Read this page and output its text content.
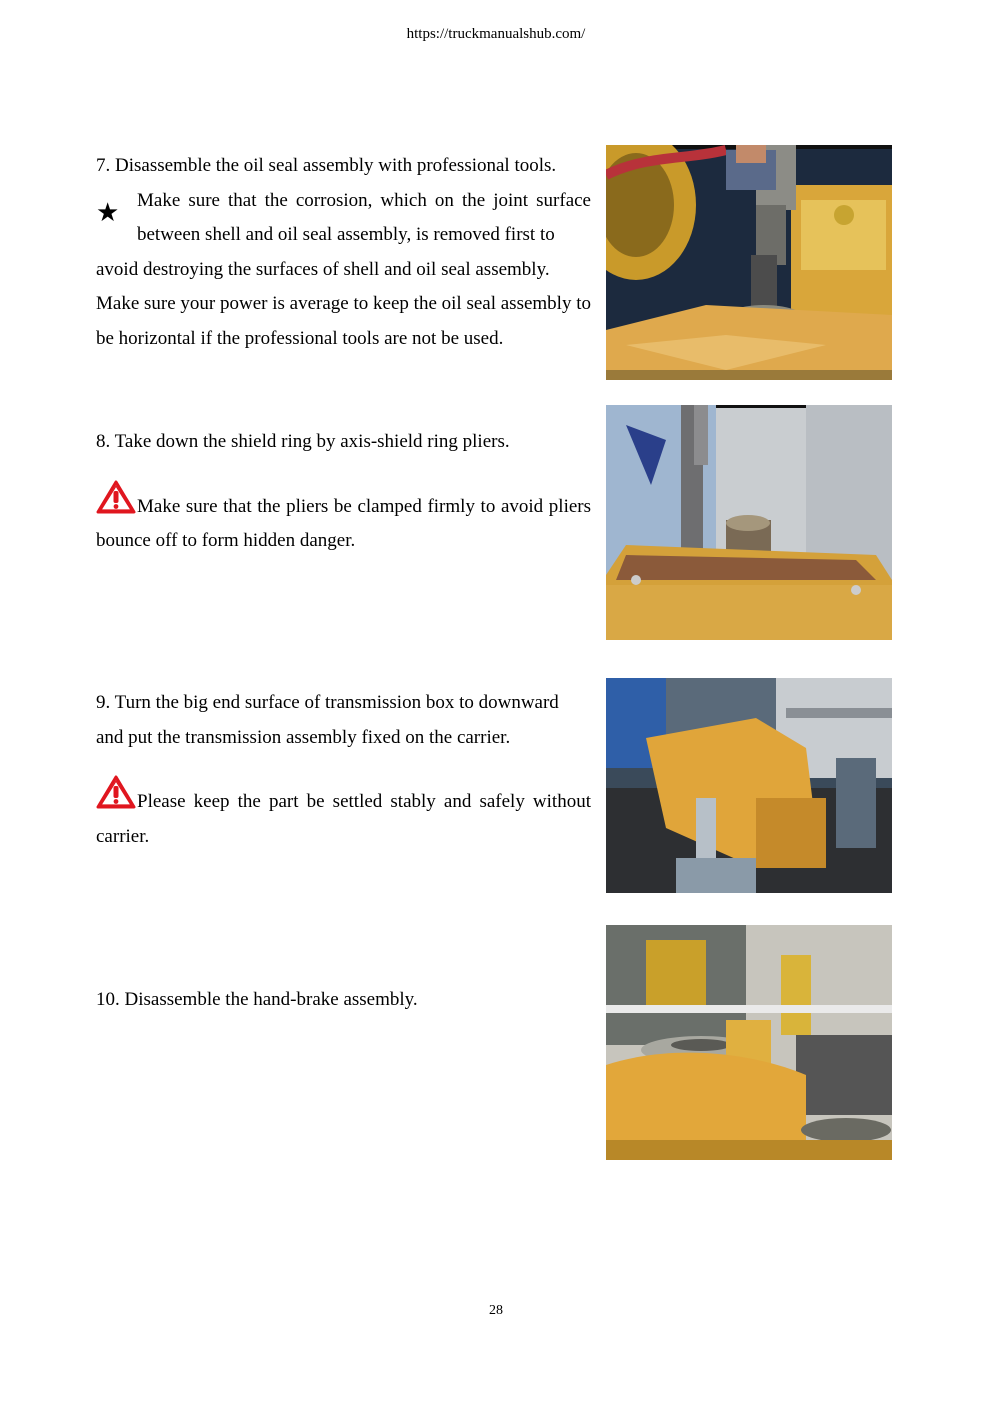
https://truckmanualshub.com/

7. Disassemble the oil seal assembly with professional tools.

★ Make sure that the corrosion, which on the joint surface between shell and oil seal assembly, is removed first to

avoid destroying the surfaces of shell and oil seal assembly.

Make sure your power is average to keep the oil seal assembly to be horizontal if the professional tools are not be used.

8. Take down the shield ring by axis-shield ring pliers.

Make sure that the pliers be clamped firmly to avoid pliers bounce off to form hidden danger.

9. Turn the big end surface of transmission box to downward and put the transmission assembly fixed on the carrier.

Please keep the part be settled stably and safely without carrier.

10. Disassemble the hand-brake assembly.

28
